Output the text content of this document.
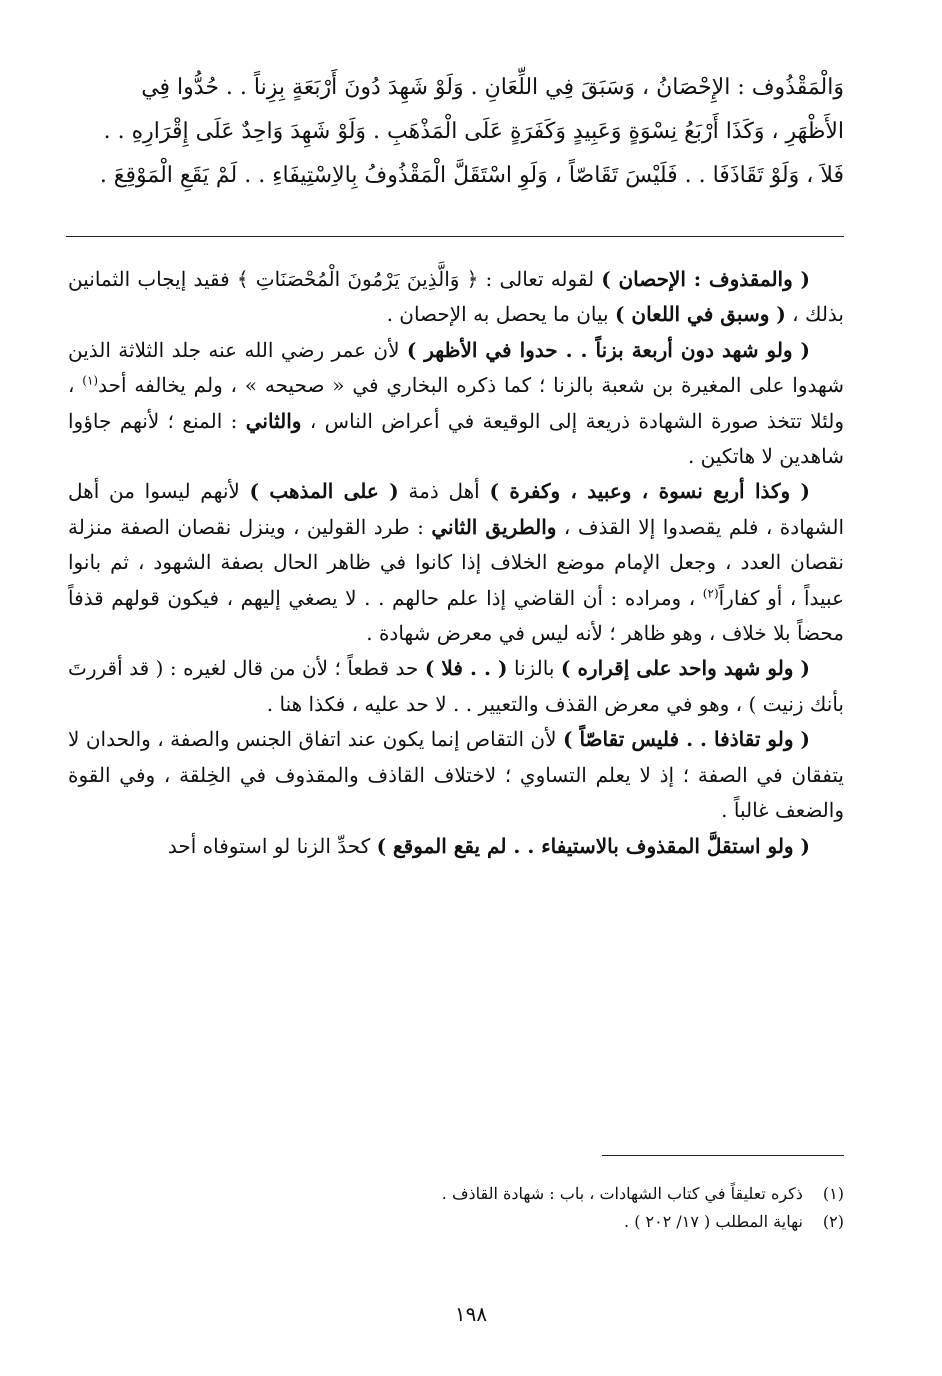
وَالْمَقْذُوف : الإِحْصَانُ ، وَسَبَقَ فِي اللِّعَانِ . وَلَوْ شَهِدَ دُونَ أَرْبَعَةٍ بِزِناً . . حُدُّوا فِي

الأَظْهَرِ ، وَكَذَا أَرْبَعُ نِسْوَةٍ وَعَبِيدٍ وَكَفَرَةٍ عَلَى الْمَذْهَبِ . وَلَوْ شَهِدَ وَاحِدٌ عَلَى إِقْرَارِهِ . .

فَلاَ ، وَلَوْ تَقَاذَفَا . . فَلَيْسَ تَقَاصّاً ، وَلَوِ اسْتَقَلَّ الْمَقْذُوفُ بِالاِسْتِيفَاءِ . . لَمْ يَقَعِ الْمَوْقِعَ .

( والمقذوف : الإحصان ) لقوله تعالى : ﴿ وَالَّذِينَ يَرْمُونَ الْمُحْصَنَاتِ ﴾ فقيد إيجاب الثمانين بذلك ، ( وسبق في اللعان ) بيان ما يحصل به الإحصان .

( ولو شهد دون أربعة بزناً . . حدوا في الأظهر ) لأن عمر رضي الله عنه جلد الثلاثة الذين شهدوا على المغيرة بن شعبة بالزنا ؛ كما ذكره البخاري في « صحيحه » ، ولم يخالفه أحد$^{(١)}$ ، ولئلا تتخذ صورة الشهادة ذريعة إلى الوقيعة في أعراض الناس ، والثاني : المنع ؛ لأنهم جاؤوا شاهدين لا هاتكين .

( وكذا أربع نسوة ، وعبيد ، وكفرة ) أهل ذمة ( على المذهب ) لأنهم ليسوا من أهل الشهادة ، فلم يقصدوا إلا القذف ، والطريق الثاني : طرد القولين ، وينزل نقصان الصفة منزلة نقصان العدد ، وجعل الإمام موضع الخلاف إذا كانوا في ظاهر الحال بصفة الشهود ، ثم بانوا عبيداً ، أو كفاراً$^{(٢)}$ ، ومراده : أن القاضي إذا علم حالهم . . لا يصغي إليهم ، فيكون قولهم قذفاً محضاً بلا خلاف ، وهو ظاهر ؛ لأنه ليس في معرض شهادة .

( ولو شهد واحد على إقراره ) بالزنا ( . . فلا ) حد قطعاً ؛ لأن من قال لغيره : ( قد أقررتَ بأنك زنيت ) ، وهو في معرض القذف والتعيير . . لا حد عليه ، فكذا هنا .

( ولو تقاذفا . . فليس تقاصّاً ) لأن التقاص إنما يكون عند اتفاق الجنس والصفة ، والحدان لا يتفقان في الصفة ؛ إذ لا يعلم التساوي ؛ لاختلاف القاذف والمقذوف في الخِلقة ، وفي القوة والضعف غالباً .

( ولو استقلَّ المقذوف بالاستيفاء . . لم يقع الموقع ) كحدِّ الزنا لو استوفاه أحد

(١) ذكره تعليقاً في كتاب الشهادات ، باب : شهادة القاذف .

(٢) نهاية المطلب ( ١٧/ ٢٠٢ ) .

١٩٨
